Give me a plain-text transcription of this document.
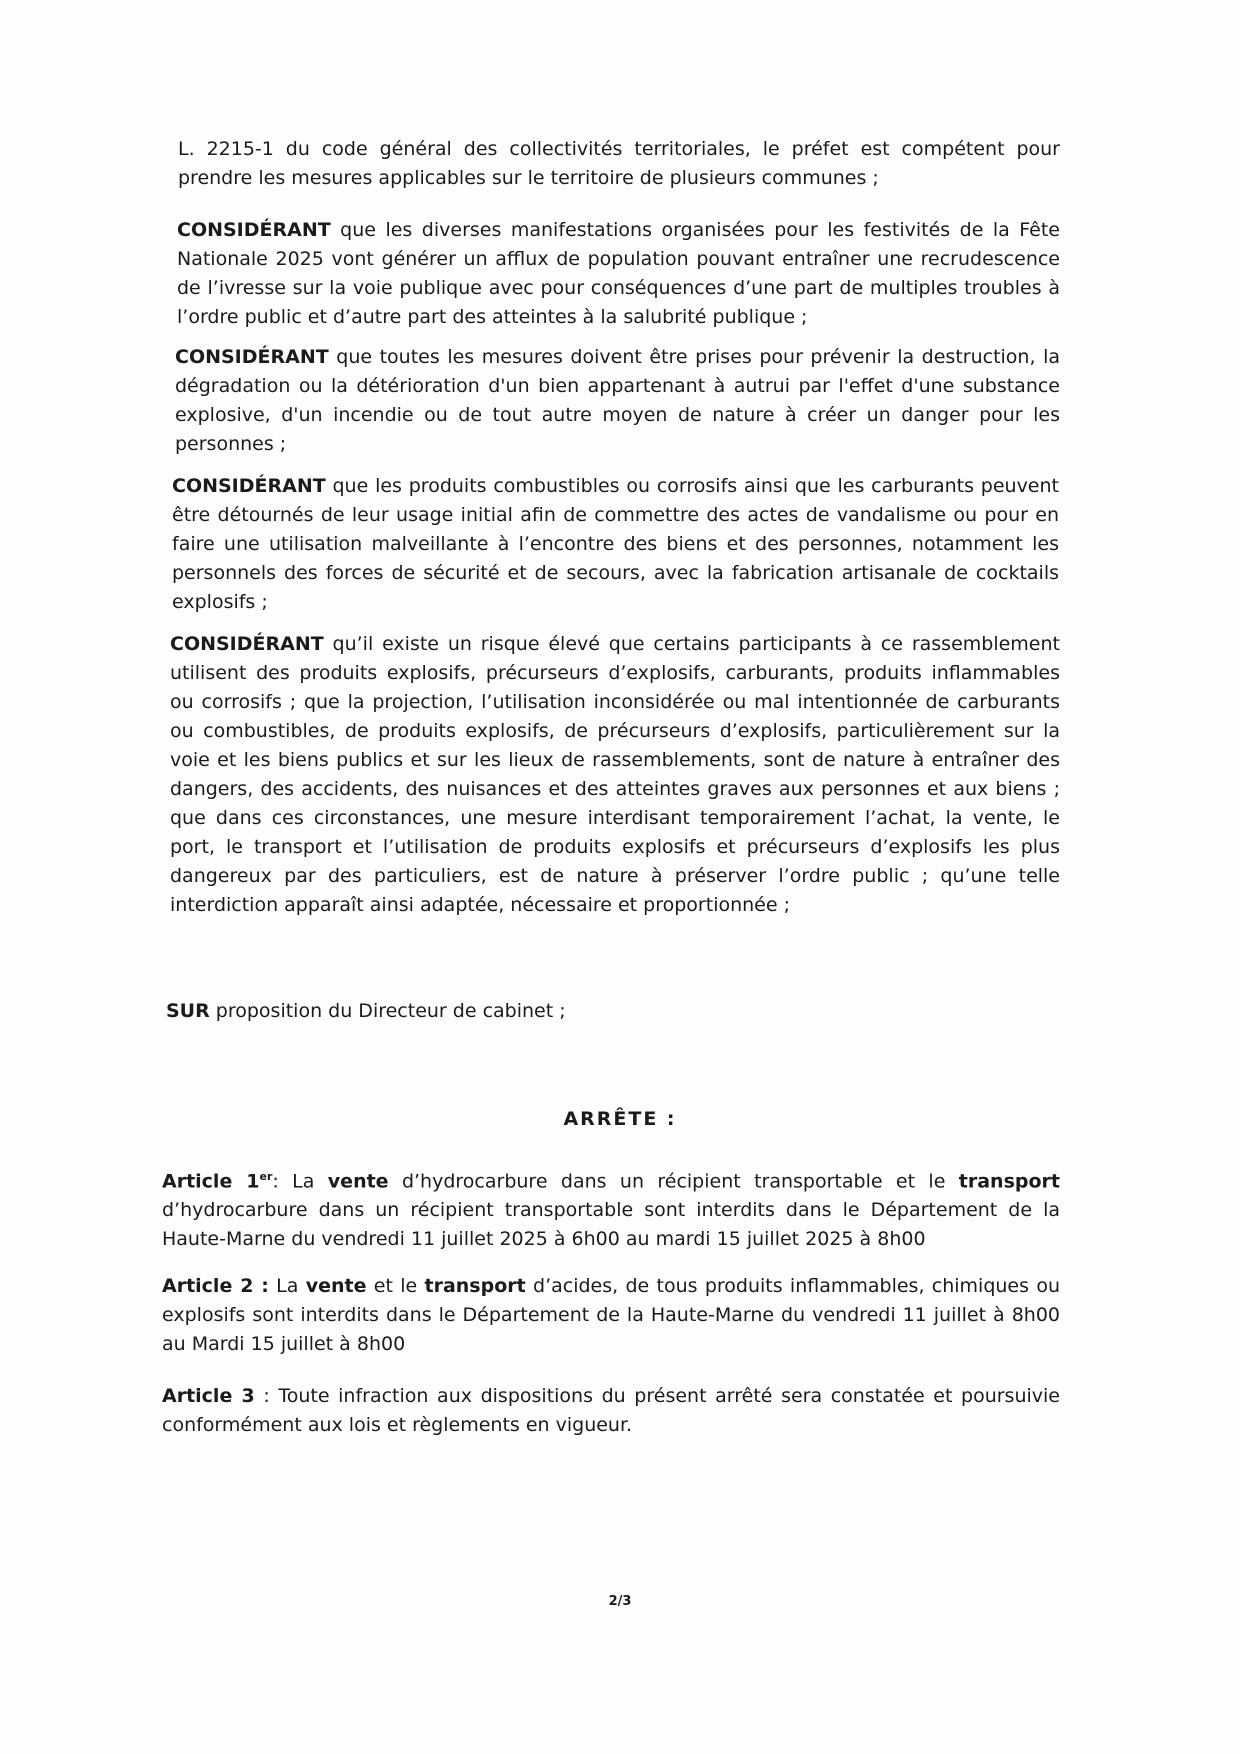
L. 2215-1 du code général des collectivités territoriales, le préfet est compétent pour prendre les mesures applicables sur le territoire de plusieurs communes ;

CONSIDÉRANT que les diverses manifestations organisées pour les festivités de la Fête Nationale 2025 vont générer un afflux de population pouvant entraîner une recrudescence de l’ivresse sur la voie publique avec pour conséquences d’une part de multiples troubles à l’ordre public et d’autre part des atteintes à la salubrité publique ;

CONSIDÉRANT que toutes les mesures doivent être prises pour prévenir la destruction, la dégradation ou la détérioration d'un bien appartenant à autrui par l'effet d'une substance explosive, d'un incendie ou de tout autre moyen de nature à créer un danger pour les personnes ;

CONSIDÉRANT que les produits combustibles ou corrosifs ainsi que les carburants peuvent être détournés de leur usage initial afin de commettre des actes de vandalisme ou pour en faire une utilisation malveillante à l’encontre des biens et des personnes, notamment les personnels des forces de sécurité et de secours, avec la fabrication artisanale de cocktails explosifs ;

CONSIDÉRANT qu’il existe un risque élevé que certains participants à ce rassemblement utilisent des produits explosifs, précurseurs d’explosifs, carburants, produits inflammables ou corrosifs ; que la projection, l’utilisation inconsidérée ou mal intentionnée de carburants ou combustibles, de produits explosifs, de précurseurs d’explosifs, particulièrement sur la voie et les biens publics et sur les lieux de rassemblements, sont de nature à entraîner des dangers, des accidents, des nuisances et des atteintes graves aux personnes et aux biens ; que dans ces circonstances, une mesure interdisant temporairement l’achat, la vente, le port, le transport et l’utilisation de produits explosifs et précurseurs d’explosifs les plus dangereux par des particuliers, est de nature à préserver l’ordre public ; qu’une telle interdiction apparaît ainsi adaptée, nécessaire et proportionnée ;

SUR proposition du Directeur de cabinet ;

ARRÊTE :

Article 1er: La vente d’hydrocarbure dans un récipient transportable et le transport d’hydrocarbure dans un récipient transportable sont interdits dans le Département de la Haute-Marne du vendredi 11 juillet 2025 à 6h00 au mardi 15 juillet 2025 à 8h00

Article 2 : La vente et le transport d’acides, de tous produits inflammables, chimiques ou explosifs sont interdits dans le Département de la Haute-Marne du vendredi 11 juillet à 8h00 au Mardi 15 juillet à 8h00

Article 3 : Toute infraction aux dispositions du présent arrêté sera constatée et poursuivie conformément aux lois et règlements en vigueur.

2/3
